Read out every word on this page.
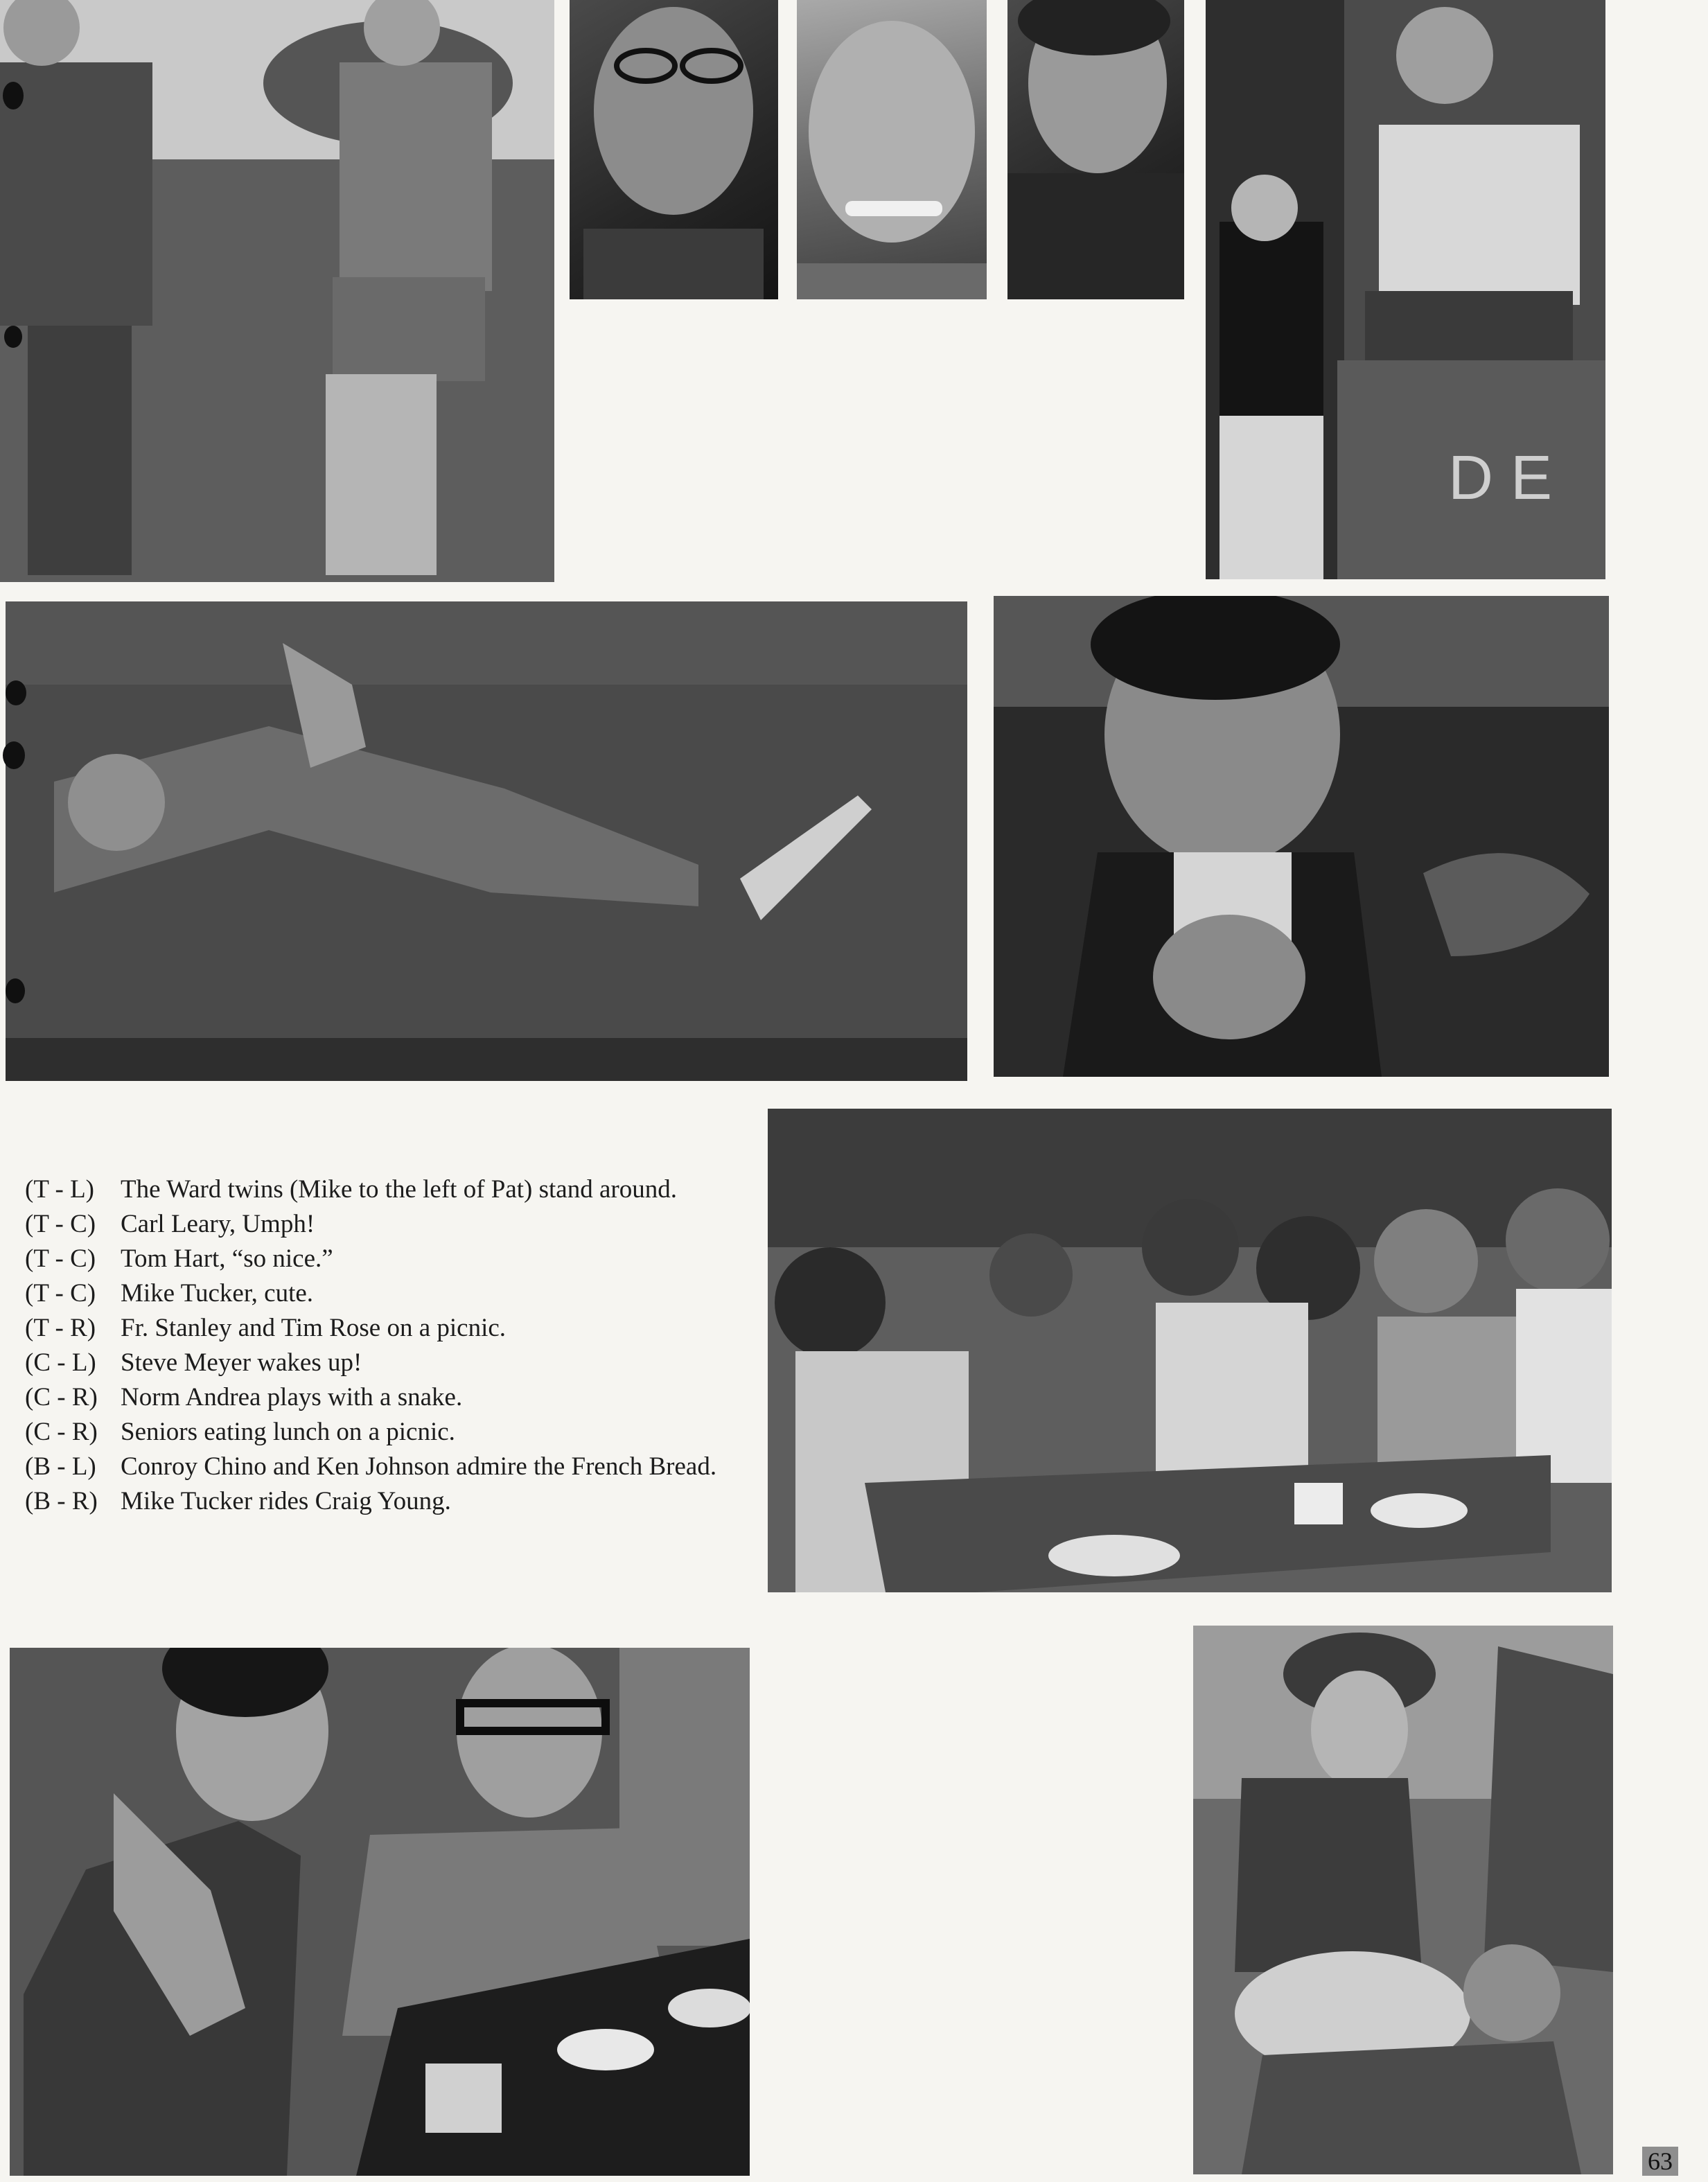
D E
(T - L)	The Ward twins (Mike to the left of Pat) stand around.
(T - C) Carl Leary, Umph!
(T - C) Tom Hart, “so nice.”
(T - C) Mike Tucker, cute.
(T - R) Fr. Stanley and Tim Rose on a picnic.
(C - L) Steve Meyer wakes up!
(C - R) Norm Andrea plays with a snake.
(C - R) Seniors eating lunch on a picnic.
(B - L) Conroy Chino and Ken Johnson admire the French Bread.
(B - R) Mike Tucker rides Craig Young.
63
